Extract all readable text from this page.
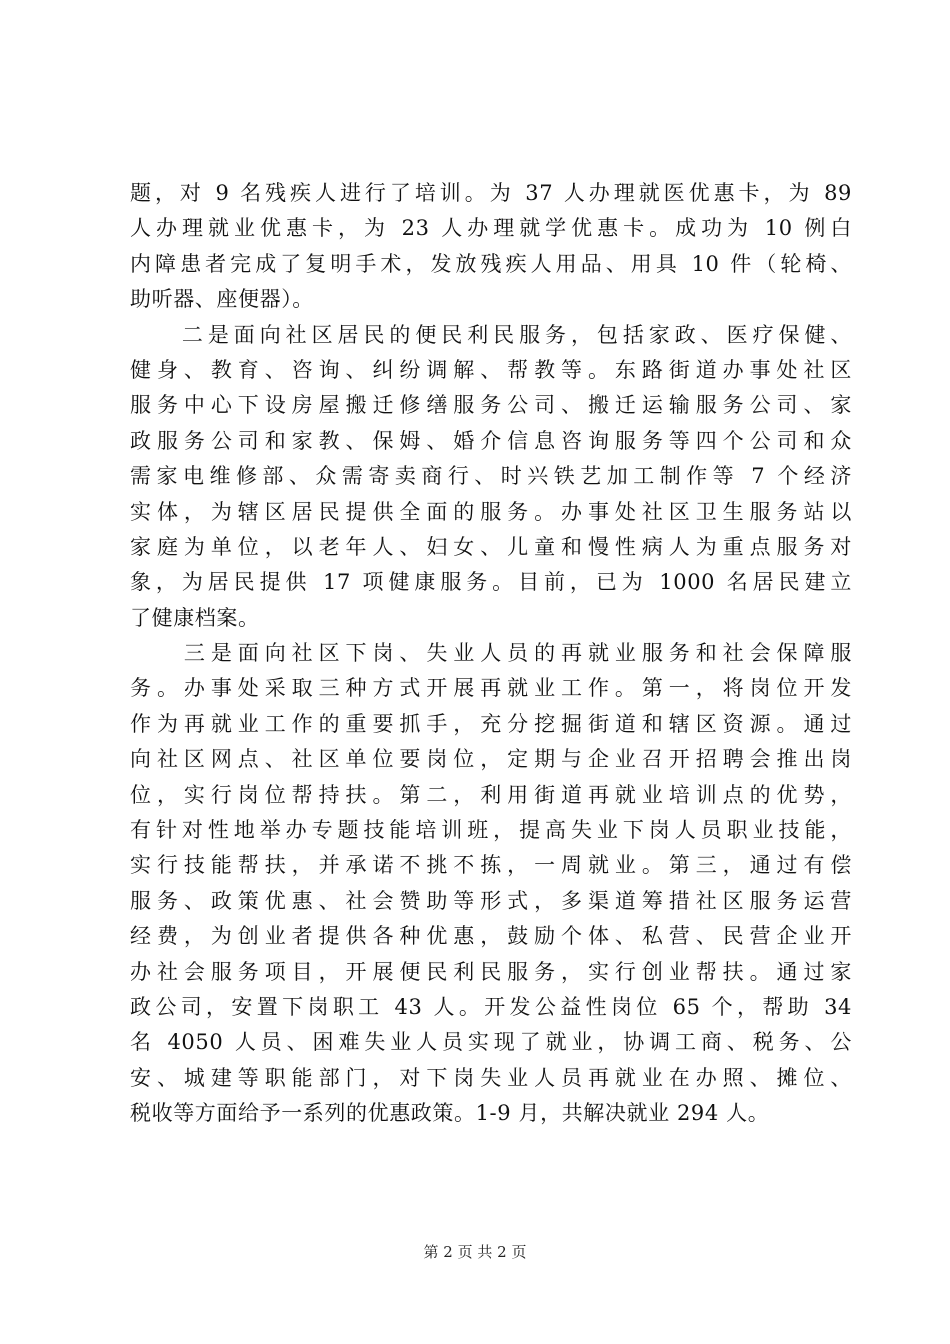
题，对 9 名残疾人进行了培训。为 37 人办理就医优惠卡，为 89
人办理就业优惠卡，为 23 人办理就学优惠卡。成功为 10 例白
内障患者完成了复明手术，发放残疾人用品、用具 10 件（轮椅、
助听器、座便器）。
　　二是面向社区居民的便民利民服务，包括家政、医疗保健、
健身、教育、咨询、纠纷调解、帮教等。东路街道办事处社区
服务中心下设房屋搬迁修缮服务公司、搬迁运输服务公司、家
政服务公司和家教、保姆、婚介信息咨询服务等四个公司和众
需家电维修部、众需寄卖商行、时兴铁艺加工制作等 7 个经济
实体，为辖区居民提供全面的服务。办事处社区卫生服务站以
家庭为单位，以老年人、妇女、儿童和慢性病人为重点服务对
象，为居民提供 17 项健康服务。目前，已为 1000 名居民建立
了健康档案。
　　三是面向社区下岗、失业人员的再就业服务和社会保障服
务。办事处采取三种方式开展再就业工作。第一，将岗位开发
作为再就业工作的重要抓手，充分挖掘街道和辖区资源。通过
向社区网点、社区单位要岗位，定期与企业召开招聘会推出岗
位，实行岗位帮持扶。第二，利用街道再就业培训点的优势，
有针对性地举办专题技能培训班，提高失业下岗人员职业技能，
实行技能帮扶，并承诺不挑不拣，一周就业。第三，通过有偿
服务、政策优惠、社会赞助等形式，多渠道筹措社区服务运营
经费，为创业者提供各种优惠，鼓励个体、私营、民营企业开
办社会服务项目，开展便民利民服务，实行创业帮扶。通过家
政公司，安置下岗职工 43 人。开发公益性岗位 65 个，帮助 34
名 4050 人员、困难失业人员实现了就业，协调工商、税务、公
安、城建等职能部门，对下岗失业人员再就业在办照、摊位、
税收等方面给予一系列的优惠政策。1-9 月，共解决就业 294 人。
第 2 页 共 2 页
